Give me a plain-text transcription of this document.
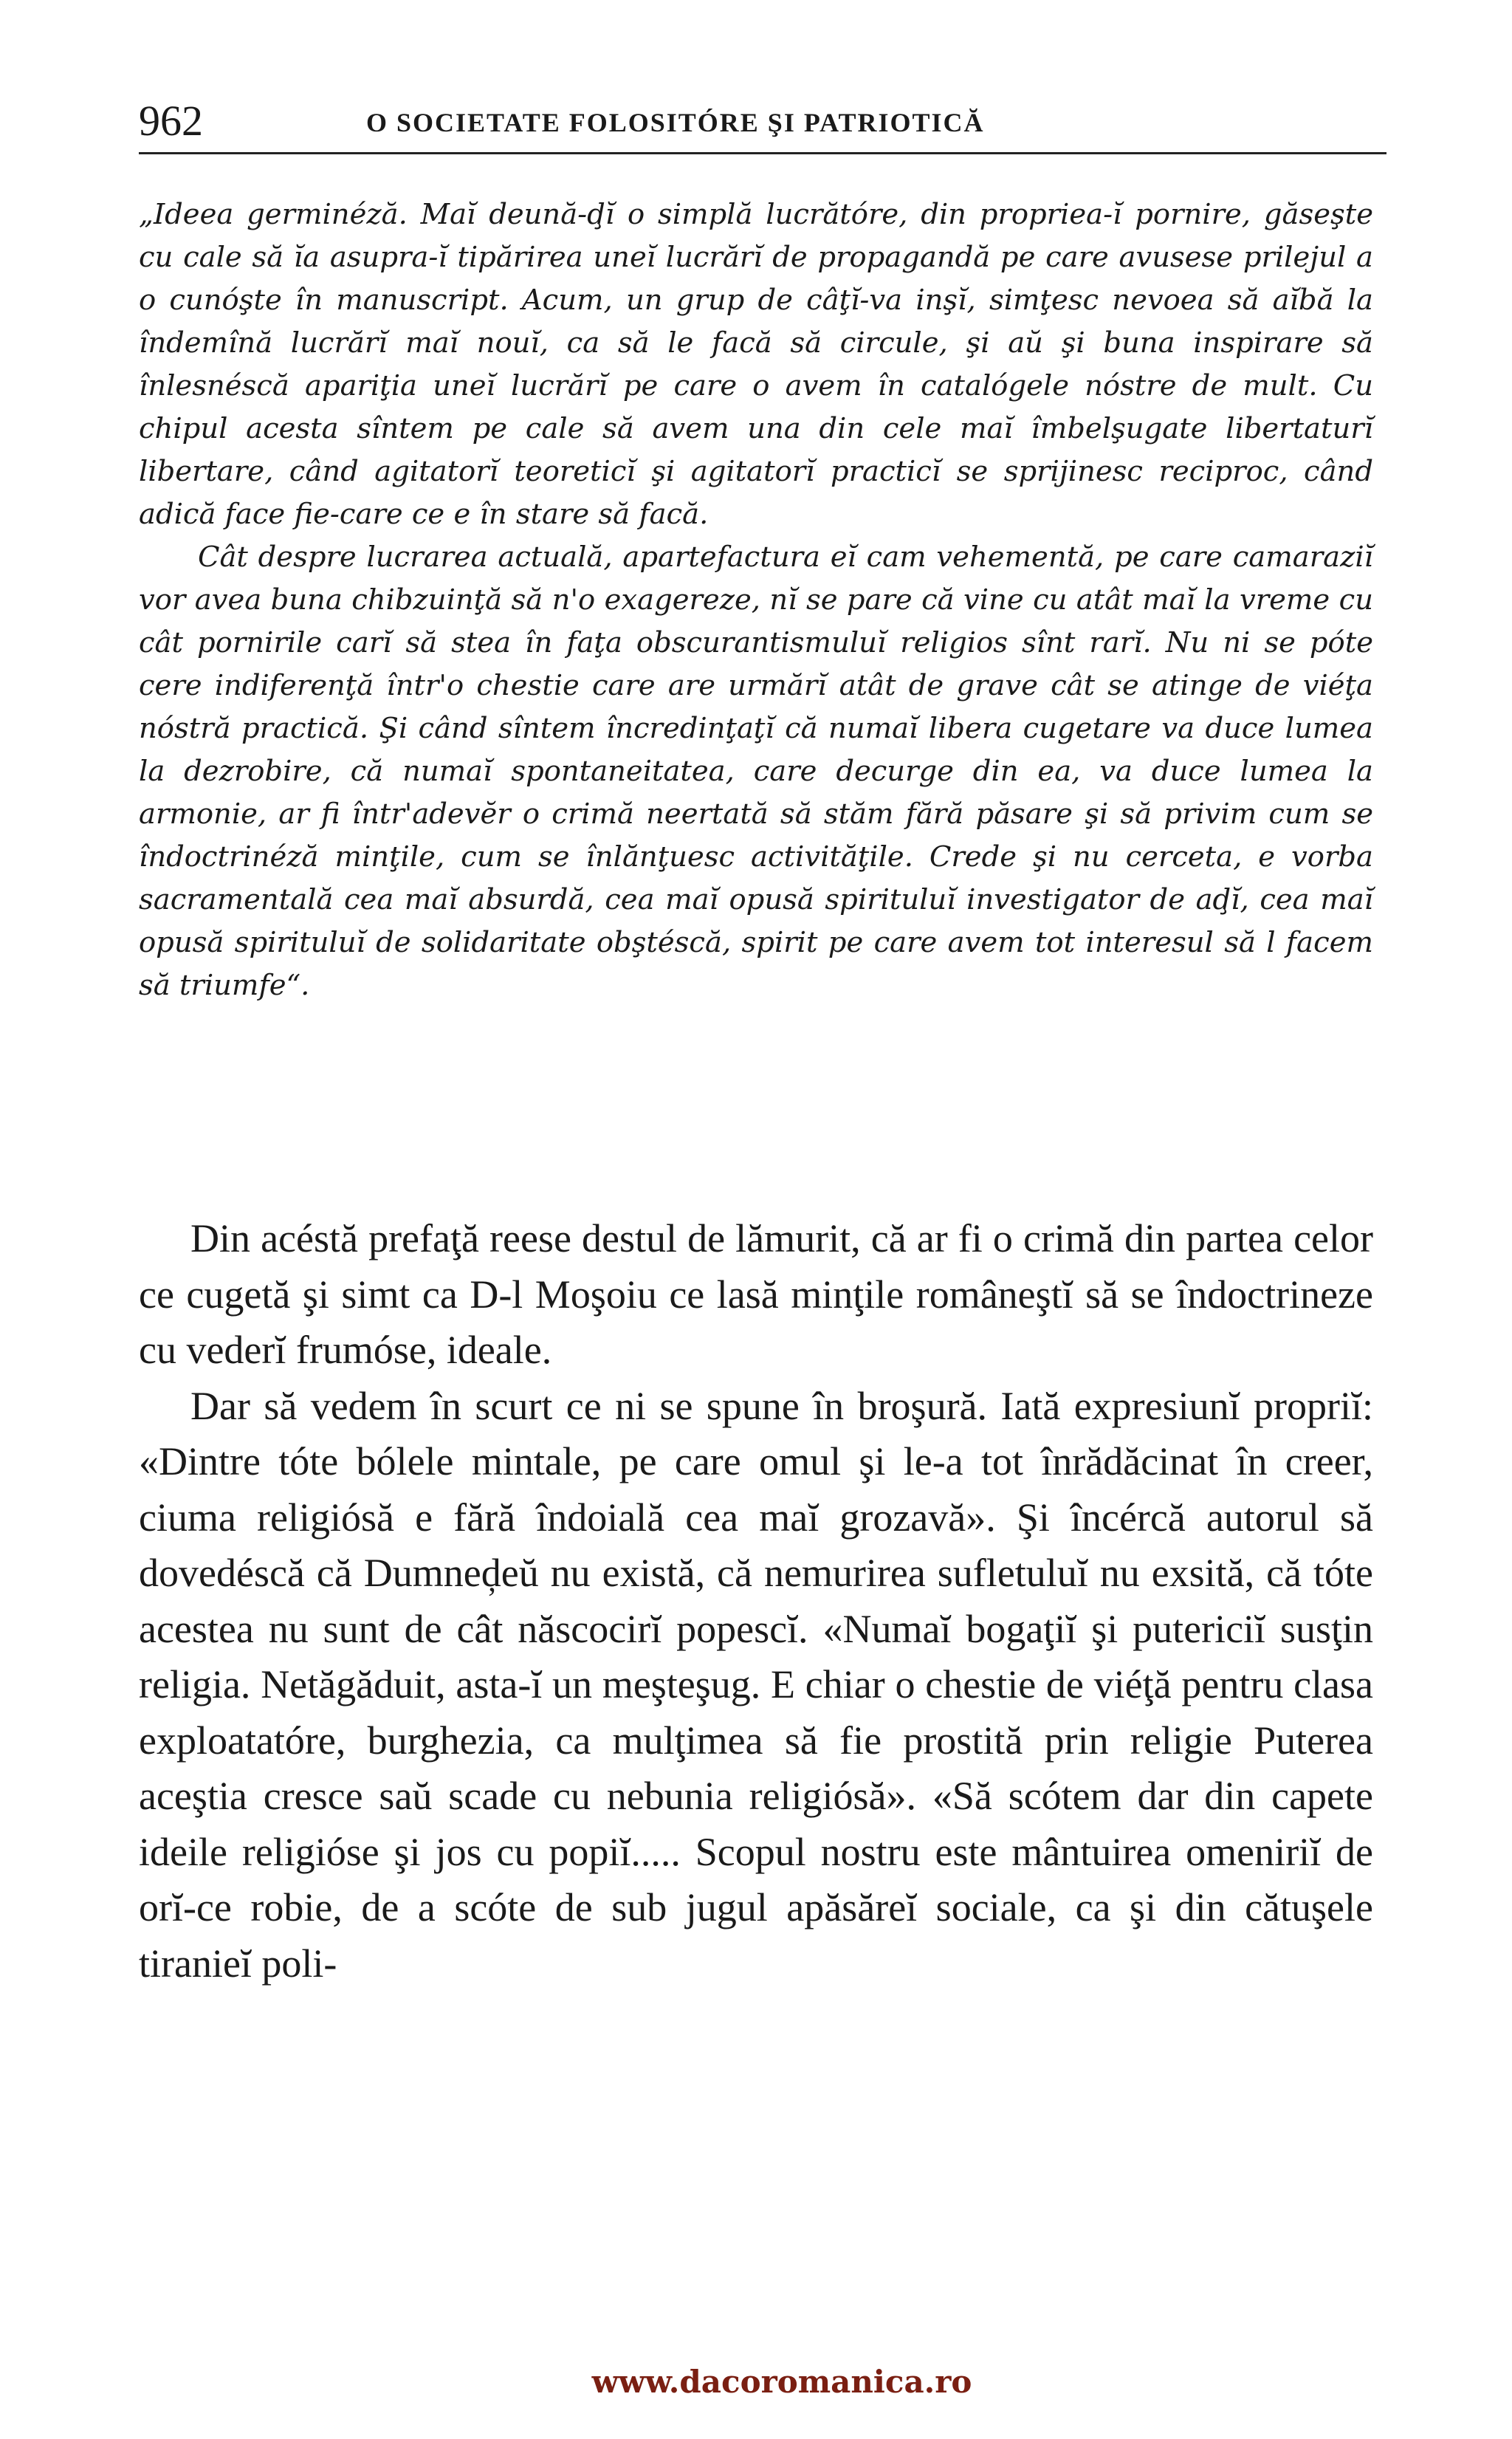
962	O SOCIETATE FOLOSITÓRE ŞI PATRIOTICĂ

„Ideea germinéză. Maĭ deună-ḑĭ o simplă lucrătóre, din propriea-ĭ pornire, găseşte cu cale să ĭa asupra-ĭ tipărirea uneĭ lucrărĭ de propagandă pe care avusese prilejul a o cunóşte în manuscript. Acum, un grup de câţĭ-va inşĭ, simţesc nevoea să aĭbă la îndemînă lucrărĭ maĭ nouĭ, ca să le facă să circule, şi aŭ şi buna inspirare să înlesnéscă apariţia uneĭ lucrărĭ pe care o avem în catalógele nóstre de mult. Cu chipul acesta sîntem pe cale să avem una din cele maĭ îmbelşugate libertaturĭ libertare, când agitatorĭ teoreticĭ şi agitatorĭ practicĭ se sprijinesc reciproc, când adică face fie-care ce e în stare să facă.

Cât despre lucrarea actuală, apartefactura eĭ cam vehementă, pe care camaraziĭ vor avea buna chibzuinţă să n'o exagereze, nĭ se pare că vine cu atât maĭ la vreme cu cât pornirile carĭ să stea în faţa obscurantismuluĭ religios sînt rarĭ. Nu ni se póte cere indiferenţă într'o chestie care are urmărĭ atât de grave cât se atinge de viéţa nóstră practică. Şi când sîntem încredinţaţĭ că numaĭ libera cugetare va duce lumea la dezrobire, că numaĭ spontaneitatea, care decurge din ea, va duce lumea la armonie, ar fi într'adevĕr o crimă neertată să stăm fără păsare şi să privim cum se îndoctrinéză minţile, cum se înlănţuesc activităţile. Crede şi nu cerceta, e vorba sacramentală cea maĭ absurdă, cea maĭ opusă spirituluĭ investigator de aḑĭ, cea maĭ opusă spirituluĭ de solidaritate obştéscă, spirit pe care avem tot interesul să l facem să triumfe“.

Din acéstă prefaţă reese destul de lămurit, că ar fi o crimă din partea celor ce cugetă şi simt ca D-l Moşoiu ce lasă minţile româneştĭ să se îndoctrineze cu vederĭ frumóse, ideale.

Dar să vedem în scurt ce ni se spune în broşură. Iată expresiunĭ propriĭ: «Dintre tóte bólele mintale, pe care omul şi le-a tot înrădăcinat în creer, ciuma religiósă e fără îndoială cea maĭ grozavă». Şi încércă autorul să dovedéscă că Dumneḑeŭ nu există, că nemurirea sufletuluĭ nu exsită, că tóte acestea nu sunt de cât născocirĭ popescĭ. «Numaĭ bogaţiĭ şi putericiĭ susţin religia. Netăgăduit, asta-ĭ un meşteşug. E chiar o chestie de viéţă pentru clasa exploatatóre, burghezia, ca mulţimea să fie prostită prin religie Puterea aceştia cresce saŭ scade cu nebunia religiósă». «Să scótem dar din capete ideile religióse şi jos cu popiĭ..... Scopul nostru este mântuirea omeniriĭ de orĭ-ce robie, de a scóte de sub jugul apăsăreĭ sociale, ca şi din cătuşele tiranieĭ poli-

www.dacoromanica.ro
